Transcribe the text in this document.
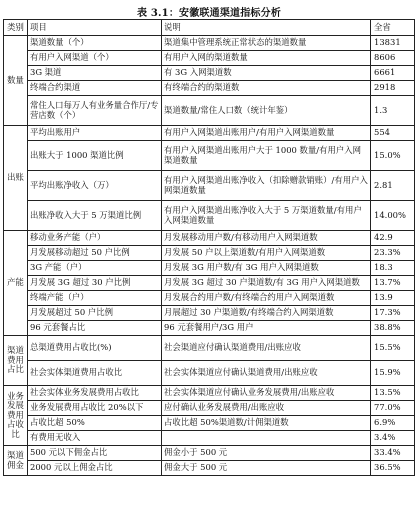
表 3.1：安徽联通渠道指标分析
类别	项目	说明	全省

数量	渠道数量（个）	渠道集中管理系统正常状态的渠道数量	13831
	有用户入网渠道（个）	有用户入网的渠道数量	8606
	3G 渠道	有 3G 入网渠道数	6661
	终端合约渠道	有终端合约的渠道数	2918
	常住人口每万人有业务量合作厅/专营店数（个）	渠道数量/常住人口数（统计年鉴）	1.3

出账	平均出账用户	有用户入网渠道出账用户/有用户入网渠道数量	554
	出账大于 1000 渠道比例	有用户入网渠道出账用户大于 1000 数量/有用户入网渠道数量	15.0%
	平均出账净收入（万）	有用户入网渠道出账净收入（扣除赠款销账）/有用户入网渠道数量	2.81
	出账净收入大于 5 万渠道比例	有用户入网渠道出账净收入大于 5 万渠道数量/有用户入网渠道数量	14.00%

产能	移动业务产能（户）	月发展移动用户数/有移动用户入网渠道数	42.9
	月发展移动超过 50 户比例	月发展 50 户以上渠道数/有用户入网渠道数	23.3%
	3G 产能（户）	月发展 3G 用户数/有 3G 用户入网渠道数	18.3
	月发展 3G 超过 30 户比例	月发展 3G 超过 30 户渠道数/有 3G 用户入网渠道数	13.7%
	终端产能（户）	月发展合约用户数/有终端合约用户入网渠道数	13.9
	月发展超过 50 户比例	月展超过 30 户渠道数/有终端合约入网渠道数	17.3%
	96 元套餐占比	96 元套餐用户/3G 用户	38.8%

渠道
费用
占比	总渠道费用占收比(%)	社会渠道应付确认渠道费用/出账应收	15.5%
	社会实体渠道费用占收比	社会实体渠道应付确认渠道费用/出账应收	15.9%

业务
发展
费用
占收
比	社会实体业务发展费用占收比	社会实体渠道应付确认业务发展费用/出账应收	13.5%
	业务发展费用占收比 20%以下	应付确认业务发展费用/出账应收	77.0%
	占收比超 50%	占收比超 50%渠道数/计佣渠道数	6.9%
	有费用无收入		3.4%

渠道
佣金	500 元以下佣金占比	佣金小于 500 元	33.4%
	2000 元以上佣金占比	佣金大于 500 元	36.5%
